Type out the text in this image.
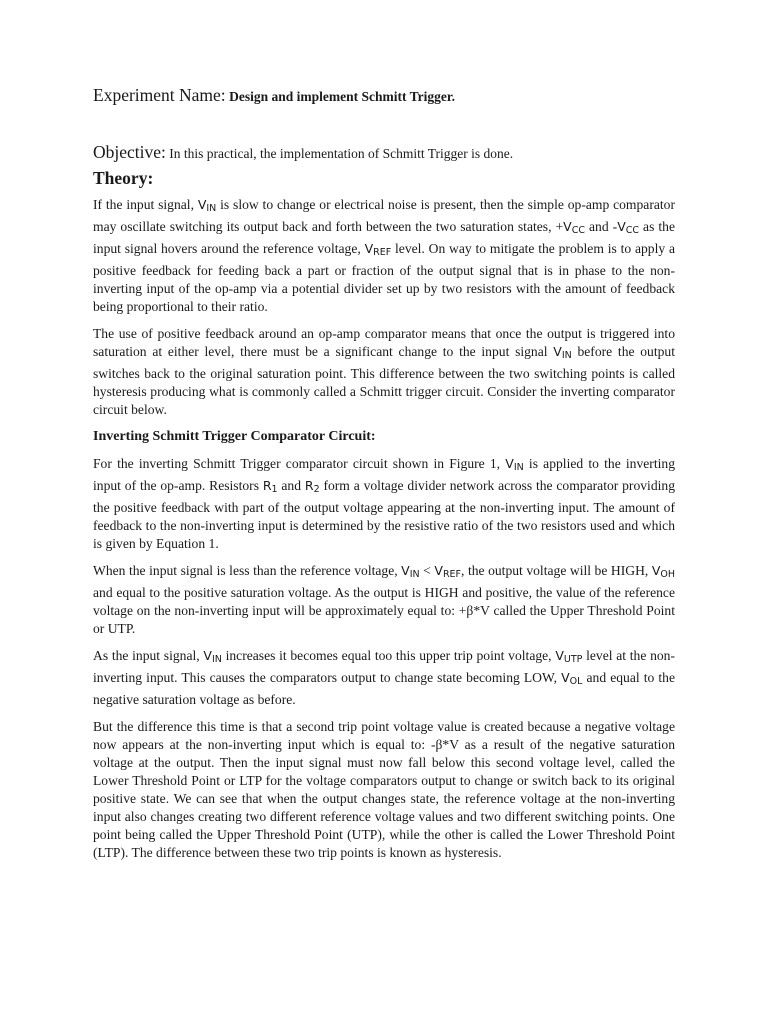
Experiment Name: Design and implement Schmitt Trigger.
Objective: In this practical, the implementation of Schmitt Trigger is done.
Theory:

If the input signal, $V_{IN}$ is slow to change or electrical noise is present, then the simple op-amp comparator may oscillate switching its output back and forth between the two saturation states, $+V_{CC}$ and $-V_{CC}$ as the input signal hovers around the reference voltage, $V_{REF}$ level. On way to mitigate the problem is to apply a positive feedback for feeding back a part or fraction of the output signal that is in phase to the non-inverting input of the op-amp via a potential divider set up by two resistors with the amount of feedback being proportional to their ratio.

The use of positive feedback around an op-amp comparator means that once the output is triggered into saturation at either level, there must be a significant change to the input signal $V_{IN}$ before the output switches back to the original saturation point. This difference between the two switching points is called hysteresis producing what is commonly called a Schmitt trigger circuit. Consider the inverting comparator circuit below.

Inverting Schmitt Trigger Comparator Circuit:

For the inverting Schmitt Trigger comparator circuit shown in Figure 1, $V_{IN}$ is applied to the inverting input of the op-amp. Resistors $R_1$ and $R_2$ form a voltage divider network across the comparator providing the positive feedback with part of the output voltage appearing at the non-inverting input. The amount of feedback to the non-inverting input is determined by the resistive ratio of the two resistors used and which is given by Equation 1.

When the input signal is less than the reference voltage, $V_{IN} < V_{REF}$, the output voltage will be HIGH, $V_{OH}$ and equal to the positive saturation voltage. As the output is HIGH and positive, the value of the reference voltage on the non-inverting input will be approximately equal to: +β*V called the Upper Threshold Point or UTP.

As the input signal, $V_{IN}$ increases it becomes equal too this upper trip point voltage, $V_{UTP}$ level at the non-inverting input. This causes the comparators output to change state becoming LOW, $V_{OL}$ and equal to the negative saturation voltage as before.

But the difference this time is that a second trip point voltage value is created because a negative voltage now appears at the non-inverting input which is equal to: -β*V as a result of the negative saturation voltage at the output. Then the input signal must now fall below this second voltage level, called the Lower Threshold Point or LTP for the voltage comparators output to change or switch back to its original positive state. We can see that when the output changes state, the reference voltage at the non-inverting input also changes creating two different reference voltage values and two different switching points. One point being called the Upper Threshold Point (UTP), while the other is called the Lower Threshold Point (LTP). The difference between these two trip points is known as hysteresis.
